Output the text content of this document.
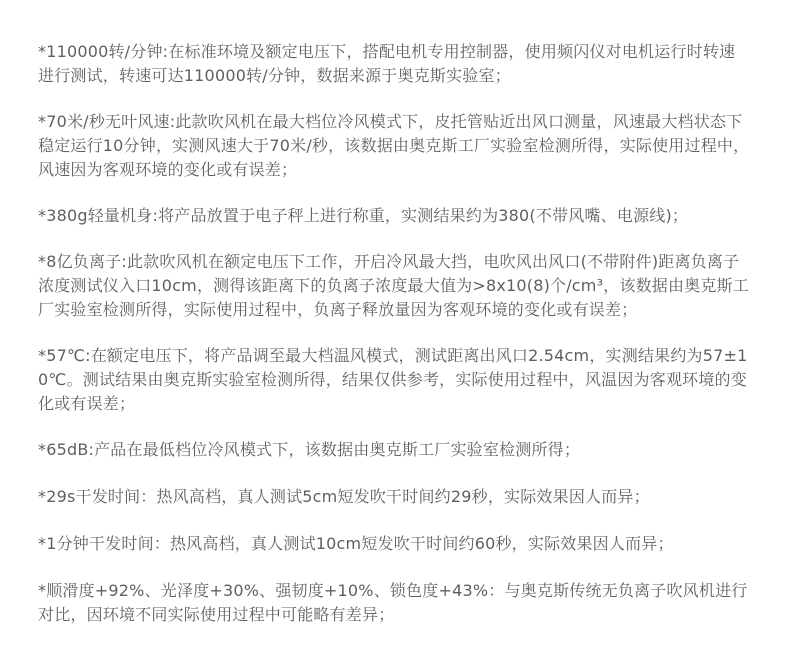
*110000转/分钟:在标准环境及额定电压下，搭配电机专用控制器，使用频闪仪对电机运行时转速进行测试，转速可达110000转/分钟，数据来源于奥克斯实验室；

*70米/秒无叶风速:此款吹风机在最大档位冷风模式下，皮托管贴近出风口测量，风速最大档状态下稳定运行10分钟，实测风速大于70米/秒，该数据由奥克斯工厂实验室检测所得，实际使用过程中，风速因为客观环境的变化或有误差；

*380g轻量机身:将产品放置于电子秤上进行称重，实测结果约为380(不带风嘴、电源线)；

*8亿负离子:此款吹风机在额定电压下工作，开启冷风最大挡，电吹风出风口(不带附件)距离负离子浓度测试仪入口10cm，测得该距离下的负离子浓度最大值为>8x10(8)个/cm³，该数据由奥克斯工厂实验室检测所得，实际使用过程中，负离子释放量因为客观环境的变化或有误差；

*57℃:在额定电压下，将产品调至最大档温风模式，测试距离出风口2.54cm，实测结果约为57±10℃。测试结果由奥克斯实验室检测所得，结果仅供参考，实际使用过程中，风温因为客观环境的变化或有误差；

*65dB:产品在最低档位冷风模式下，该数据由奥克斯工厂实验室检测所得；

*29s干发时间：热风高档，真人测试5cm短发吹干时间约29秒，实际效果因人而异；

*1分钟干发时间：热风高档，真人测试10cm短发吹干时间约60秒，实际效果因人而异；

*顺滑度+92%、光泽度+30%、强韧度+10%、锁色度+43%：与奥克斯传统无负离子吹风机进行对比，因环境不同实际使用过程中可能略有差异；
